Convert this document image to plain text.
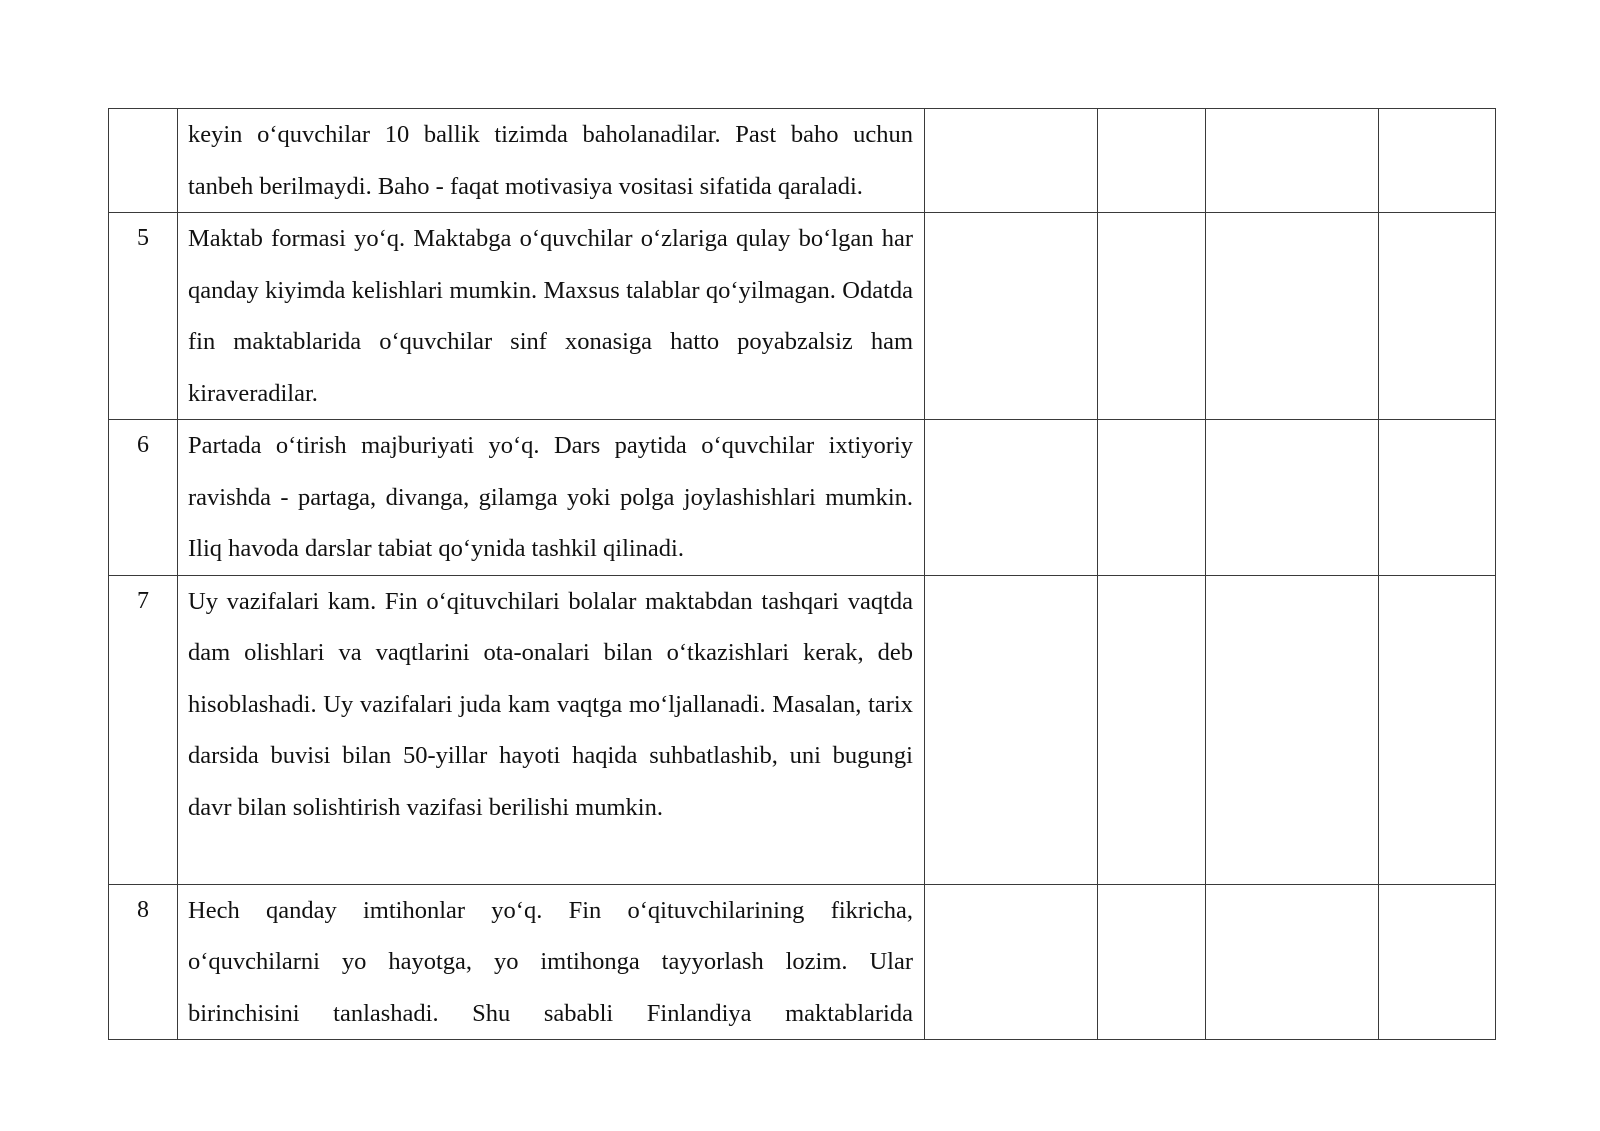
	keyin oʻquvchilar 10 ballik tizimda baholanadilar. Past baho uchun tanbeh berilmaydi. Baho - faqat motivasiya vositasi sifatida qaraladi.				
5	Maktab formasi yoʻq. Maktabga oʻquvchilar oʻzlariga qulay boʻlgan har qanday kiyimda kelishlari mumkin. Maxsus talablar qoʻyilmagan. Odatda fin maktablarida oʻquvchilar sinf xonasiga hatto poyabzalsiz ham kiraveradilar.				
6	Partada oʻtirish majburiyati yoʻq. Dars paytida oʻquvchilar ixtiyoriy ravishda - partaga, divanga, gilamga yoki polga joylashishlari mumkin. Iliq havoda darslar tabiat qoʻynida tashkil qilinadi.				
7	Uy vazifalari kam. Fin oʻqituvchilari bolalar maktabdan tashqari vaqtda dam olishlari va vaqtlarini ota-onalari bilan oʻtkazishlari kerak, deb hisoblashadi. Uy vazifalari juda kam vaqtga moʻljallanadi. Masalan, tarix darsida buvisi bilan 50-yillar hayoti haqida suhbatlashib, uni bugungi davr bilan solishtirish vazifasi berilishi mumkin.				
8	Hech qanday imtihonlar yoʻq. Fin oʻqituvchilarining fikricha, oʻquvchilarni yo hayotga, yo imtihonga tayyorlash lozim. Ular birinchisini tanlashadi. Shu sababli Finlandiya maktablarida				
